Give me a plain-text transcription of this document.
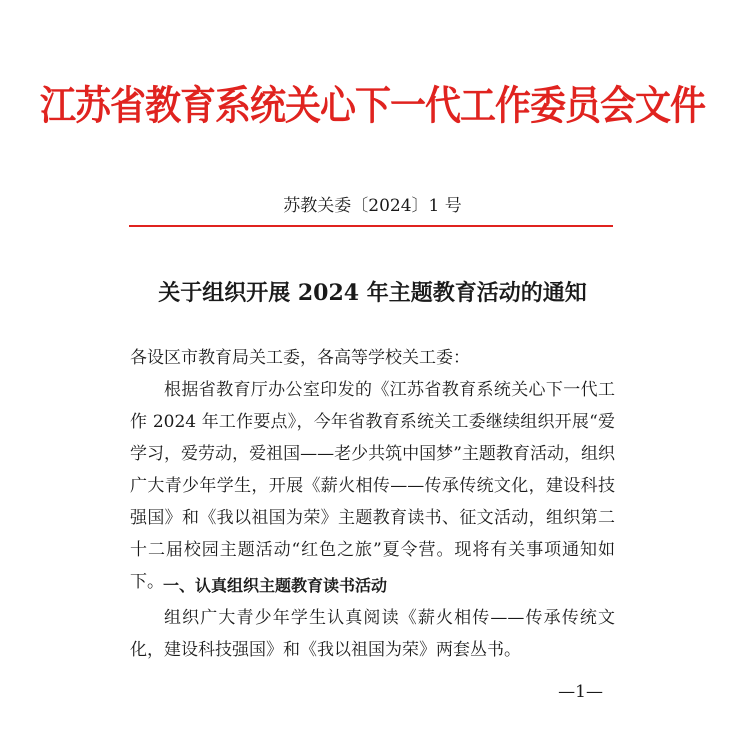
江苏省教育系统关心下一代工作委员会文件
苏教关委〔2024〕1 号
关于组织开展 2024 年主题教育活动的通知

各设区市教育局关工委，各高等学校关工委：

根据省教育厅办公室印发的《江苏省教育系统关心下一代工作 2024 年工作要点》，今年省教育系统关工委继续组织开展“爱学习，爱劳动，爱祖国——老少共筑中国梦”主题教育活动，组织广大青少年学生，开展《薪火相传——传承传统文化，建设科技强国》和《我以祖国为荣》主题教育读书、征文活动，组织第二十二届校园主题活动“红色之旅”夏令营。现将有关事项通知如下。 一、认真组织主题教育读书活动

组织广大青少年学生认真阅读《薪火相传——传承传统文化，建设科技强国》和《我以祖国为荣》两套丛书。

—1—
